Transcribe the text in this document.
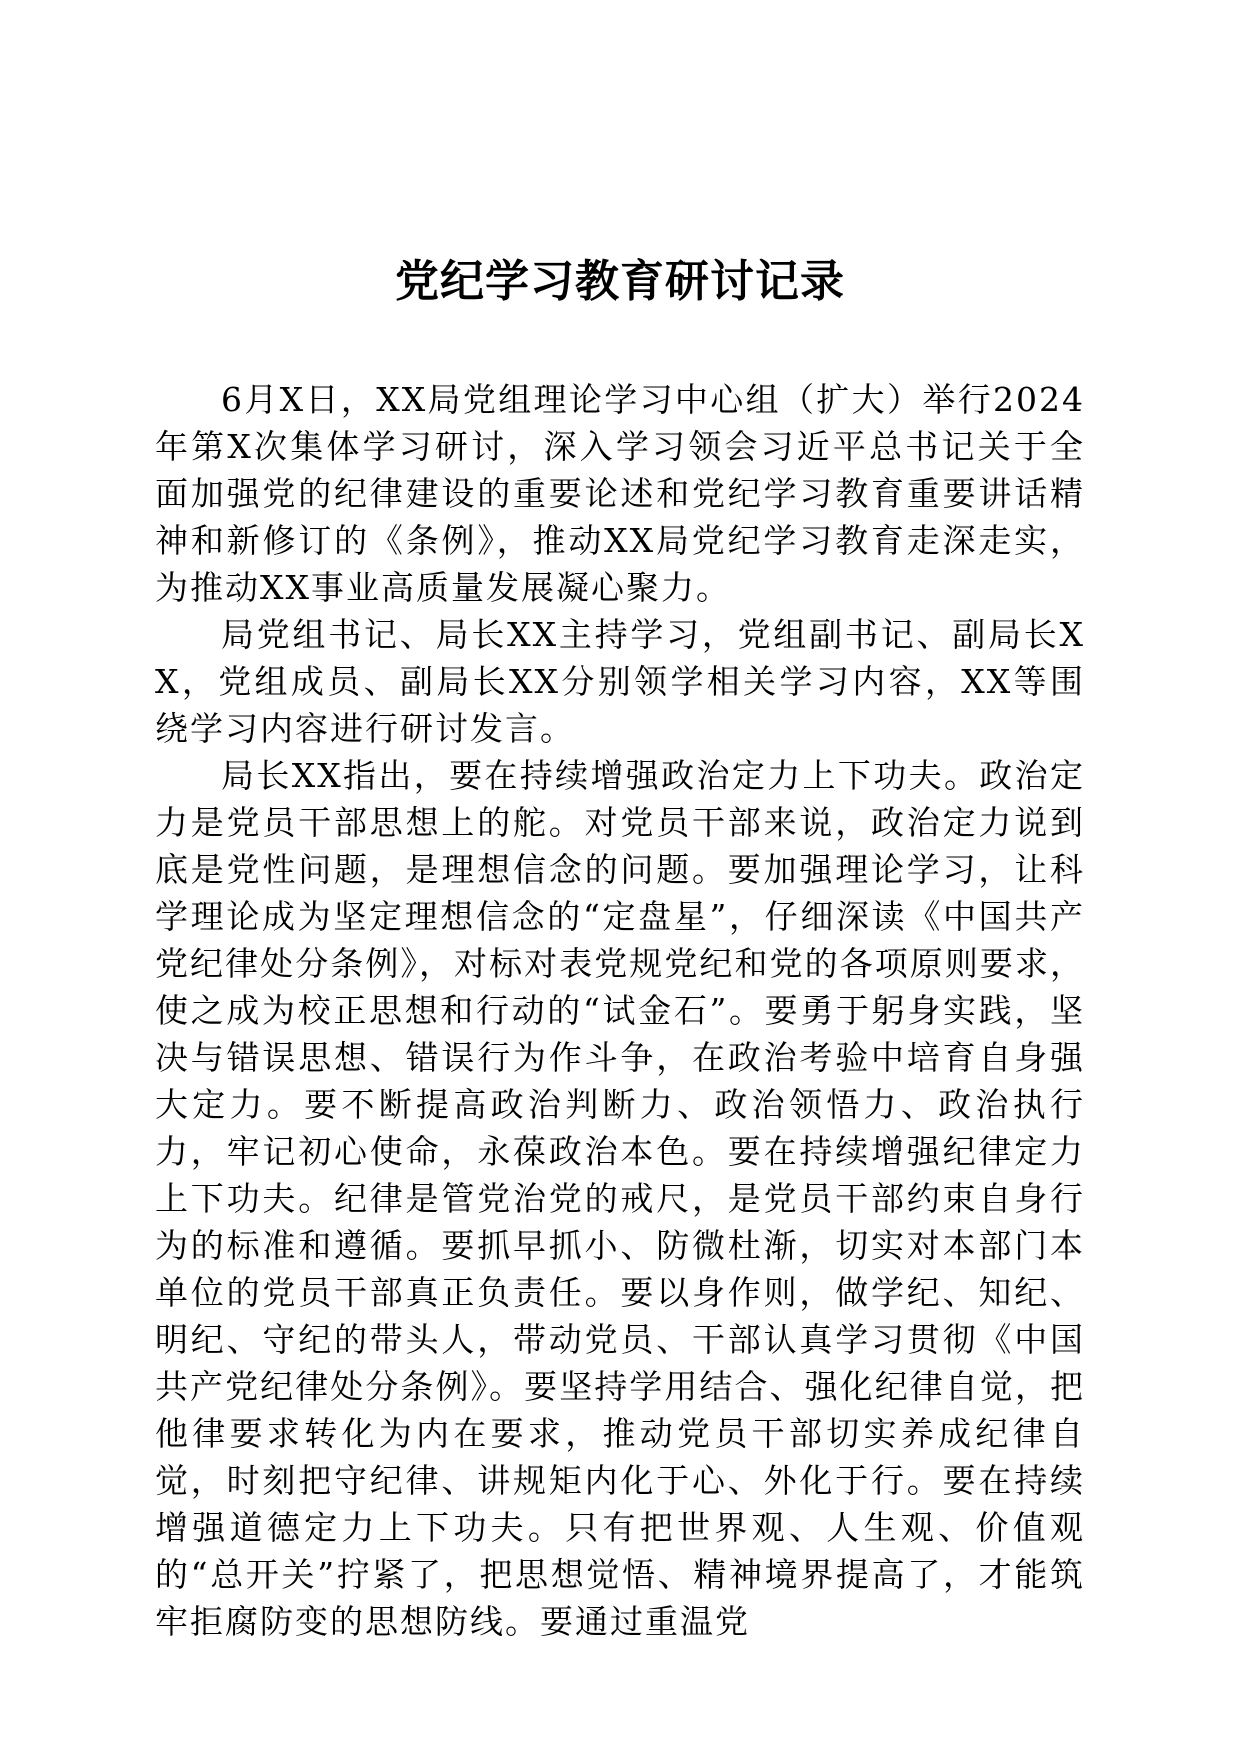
党纪学习教育研讨记录

6月X日，XX局党组理论学习中心组（扩大）举行2024年第X次集体学习研讨，深入学习领会习近平总书记关于全面加强党的纪律建设的重要论述和党纪学习教育重要讲话精神和新修订的《条例》，推动XX局党纪学习教育走深走实，为推动XX事业高质量发展凝心聚力。

局党组书记、局长XX主持学习，党组副书记、副局长XX，党组成员、副局长XX分别领学相关学习内容，XX等围绕学习内容进行研讨发言。

局长XX指出，要在持续增强政治定力上下功夫。政治定力是党员干部思想上的舵。对党员干部来说，政治定力说到底是党性问题，是理想信念的问题。要加强理论学习，让科学理论成为坚定理想信念的“定盘星”，仔细深读《中国共产党纪律处分条例》，对标对表党规党纪和党的各项原则要求，使之成为校正思想和行动的“试金石”。要勇于躬身实践，坚决与错误思想、错误行为作斗争，在政治考验中培育自身强大定力。要不断提高政治判断力、政治领悟力、政治执行力，牢记初心使命，永葆政治本色。要在持续增强纪律定力上下功夫。纪律是管党治党的戒尺，是党员干部约束自身行为的标准和遵循。要抓早抓小、防微杜渐，切实对本部门本单位的党员干部真正负责任。要以身作则，做学纪、知纪、明纪、守纪的带头人，带动党员、干部认真学习贯彻《中国共产党纪律处分条例》。要坚持学用结合、强化纪律自觉，把他律要求转化为内在要求，推动党员干部切实养成纪律自觉，时刻把守纪律、讲规矩内化于心、外化于行。要在持续增强道德定力上下功夫。只有把世界观、人生观、价值观的“总开关”拧紧了，把思想觉悟、精神境界提高了，才能筑牢拒腐防变的思想防线。要通过重温党
